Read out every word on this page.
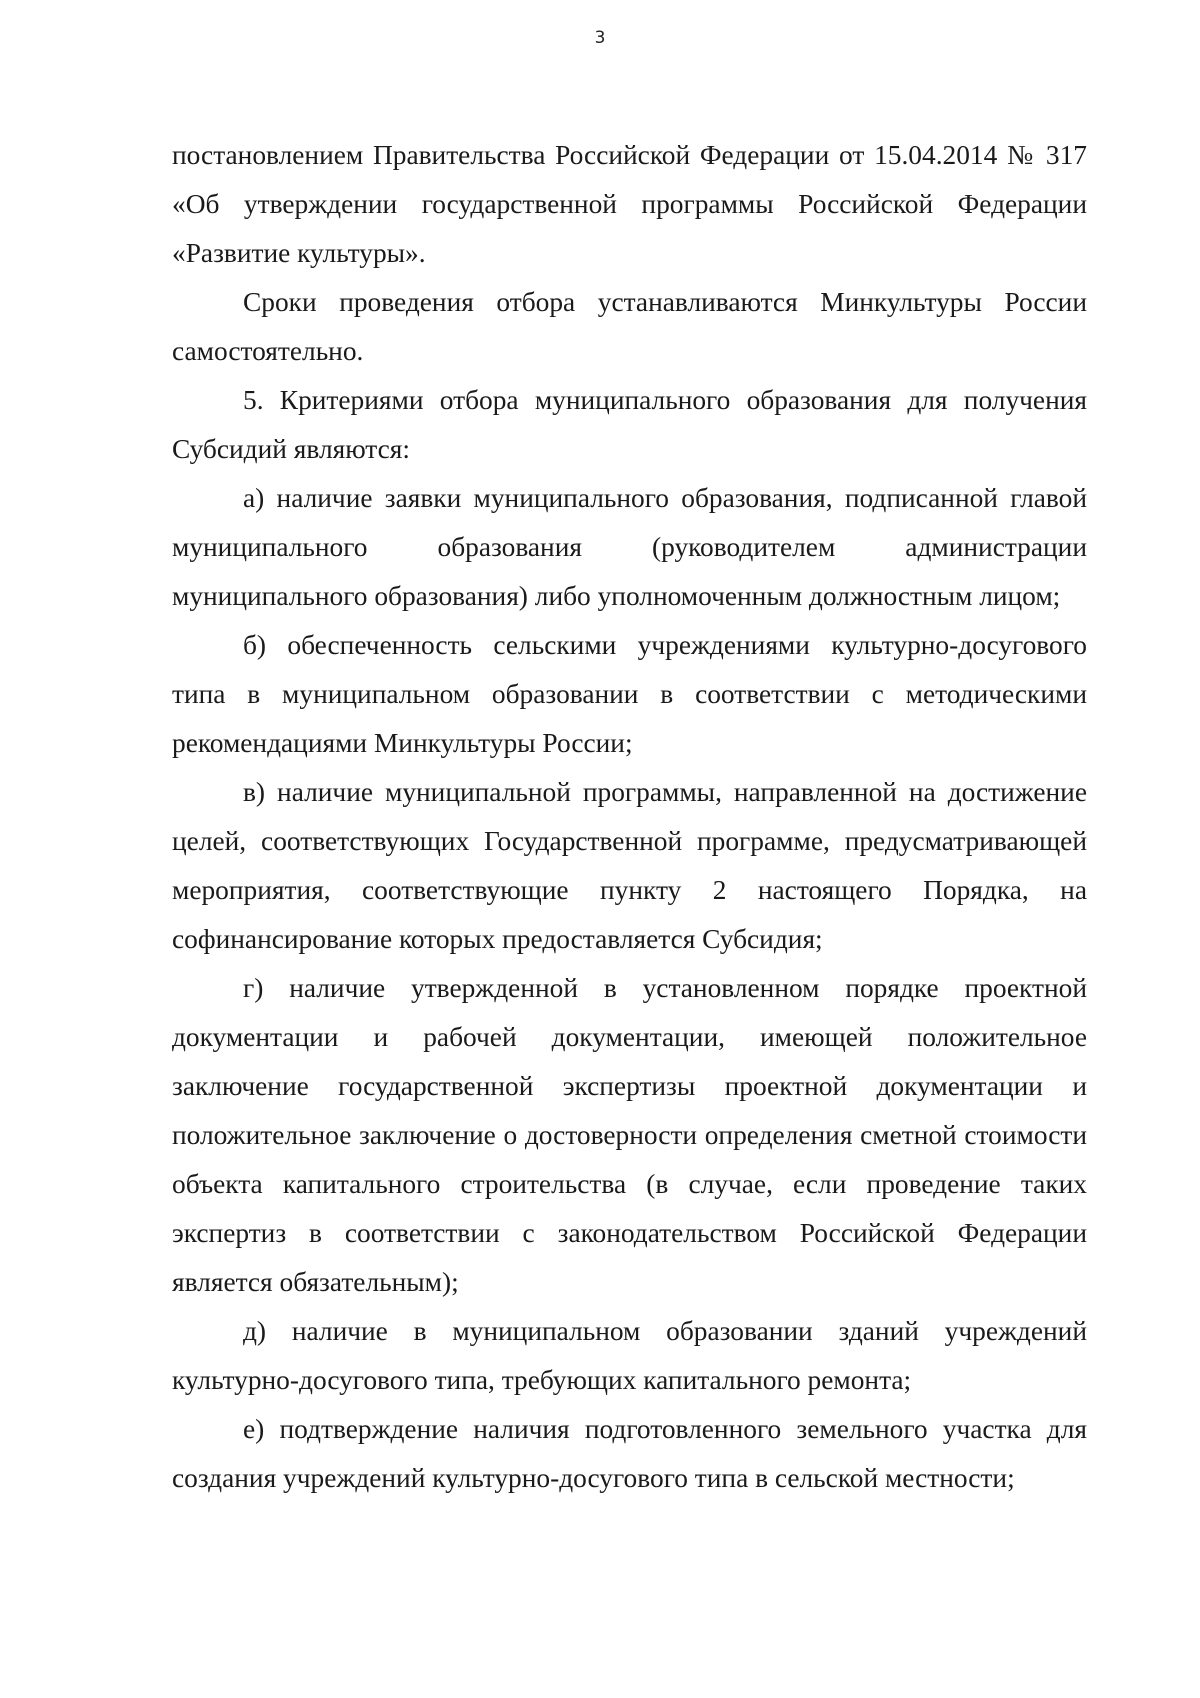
3

постановлением Правительства Российской Федерации от 15.04.2014 № 317 «Об утверждении государственной программы Российской Федерации «Развитие культуры».

Сроки проведения отбора устанавливаются Минкультуры России самостоятельно.

5. Критериями отбора муниципального образования для получения Субсидий являются:

а) наличие заявки муниципального образования, подписанной главой муниципального образования (руководителем администрации муниципального образования) либо уполномоченным должностным лицом;

б) обеспеченность сельскими учреждениями культурно-досугового типа в муниципальном образовании в соответствии с методическими рекомендациями Минкультуры России;

в) наличие муниципальной программы, направленной на достижение целей, соответствующих Государственной программе, предусматривающей мероприятия, соответствующие пункту 2 настоящего Порядка, на софинансирование которых предоставляется Субсидия;

г) наличие утвержденной в установленном порядке проектной документации и рабочей документации, имеющей положительное заключение государственной экспертизы проектной документации и положительное заключение о достоверности определения сметной стоимости объекта капитального строительства (в случае, если проведение таких экспертиз в соответствии с законодательством Российской Федерации является обязательным);

д) наличие в муниципальном образовании зданий учреждений культурно-досугового типа, требующих капитального ремонта;

е) подтверждение наличия подготовленного земельного участка для создания учреждений культурно-досугового типа в сельской местности;
